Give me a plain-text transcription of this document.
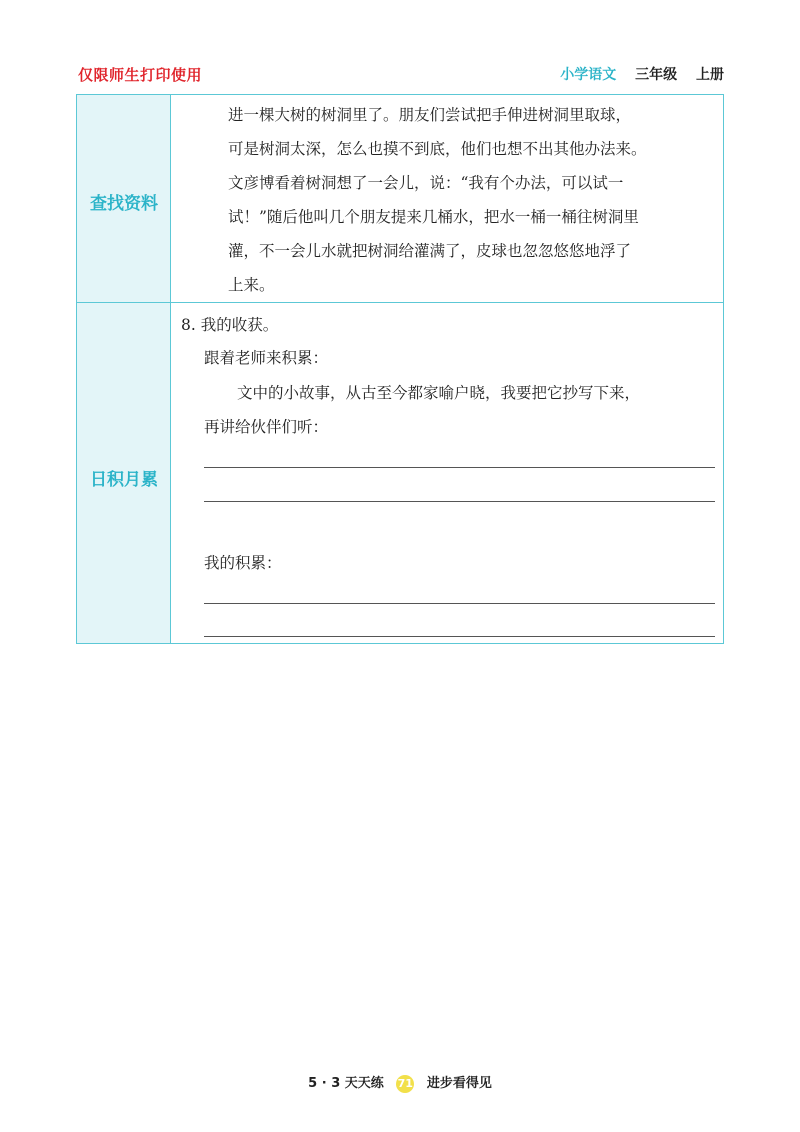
仅限师生打印使用	小学语文 三年级 上册
查找资料
日积月累
进一棵大树的树洞里了。朋友们尝试把手伸进树洞里取球，
可是树洞太深，怎么也摸不到底，他们也想不出其他办法来。
文彦博看着树洞想了一会儿，说：“我有个办法，可以试一
试！”随后他叫几个朋友提来几桶水，把水一桶一桶往树洞里
灌，不一会儿水就把树洞给灌满了，皮球也忽忽悠悠地浮了
上来。
8. 我的收获。
跟着老师来积累：
文中的小故事，从古至今都家喻户晓，我要把它抄写下来，
再讲给伙伴们听：
我的积累：
5 · 3 天天练 71 进步看得见
